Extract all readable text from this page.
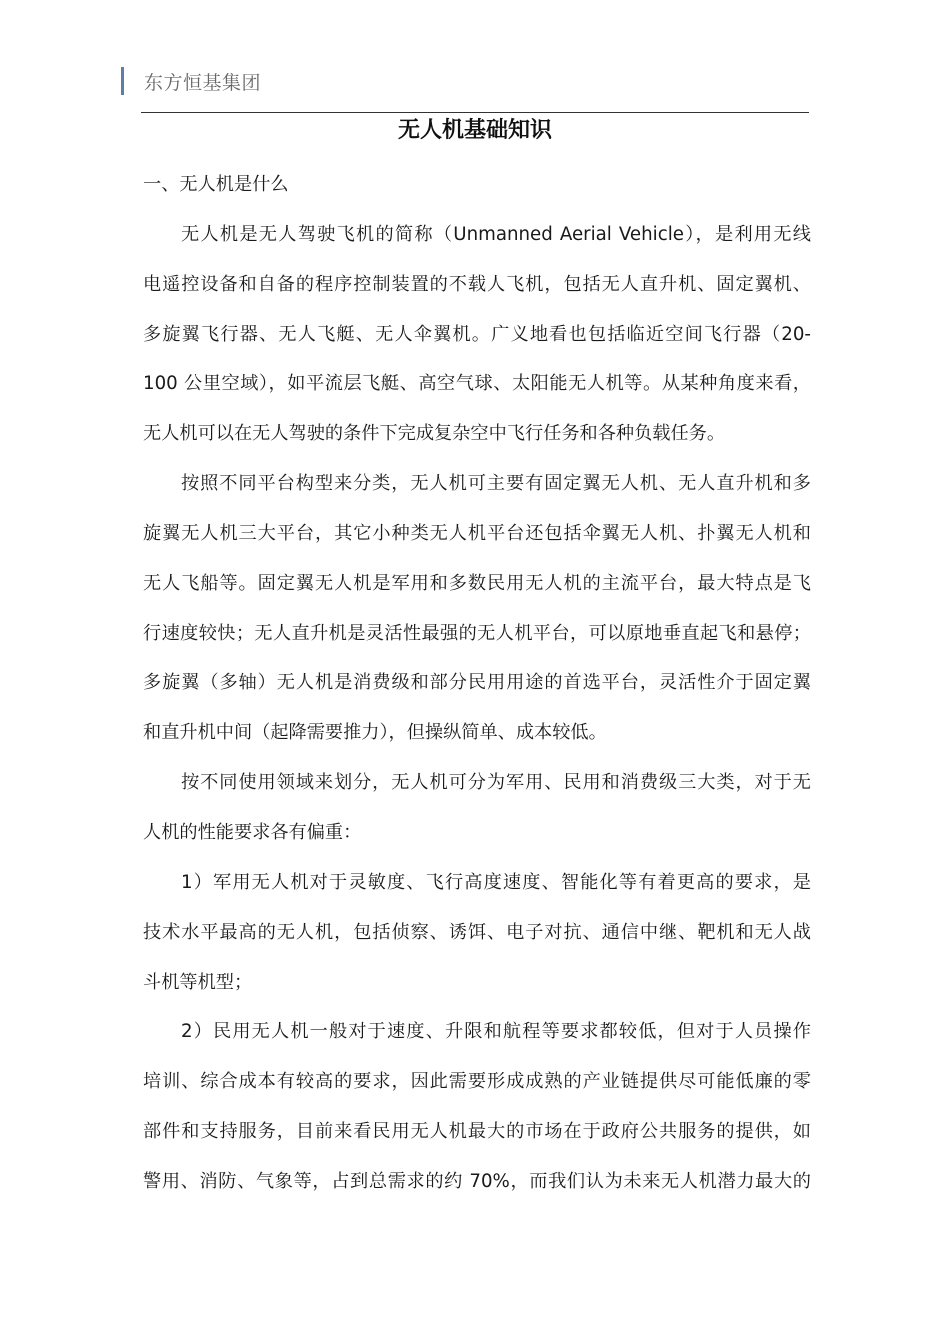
东方恒基集团
无人机基础知识
一、无人机是什么
无人机是无人驾驶飞机的简称（Unmanned Aerial Vehicle），是利用无线
电遥控设备和自备的程序控制装置的不载人飞机，包括无人直升机、固定翼机、
多旋翼飞行器、无人飞艇、无人伞翼机。广义地看也包括临近空间飞行器（20-
100 公里空域），如平流层飞艇、高空气球、太阳能无人机等。从某种角度来看，
无人机可以在无人驾驶的条件下完成复杂空中飞行任务和各种负载任务。
按照不同平台构型来分类，无人机可主要有固定翼无人机、无人直升机和多
旋翼无人机三大平台，其它小种类无人机平台还包括伞翼无人机、扑翼无人机和
无人飞船等。固定翼无人机是军用和多数民用无人机的主流平台，最大特点是飞
行速度较快；无人直升机是灵活性最强的无人机平台，可以原地垂直起飞和悬停；
多旋翼（多轴）无人机是消费级和部分民用用途的首选平台，灵活性介于固定翼
和直升机中间（起降需要推力），但操纵简单、成本较低。
按不同使用领域来划分，无人机可分为军用、民用和消费级三大类，对于无
人机的性能要求各有偏重：
1）军用无人机对于灵敏度、飞行高度速度、智能化等有着更高的要求，是
技术水平最高的无人机，包括侦察、诱饵、电子对抗、通信中继、靶机和无人战
斗机等机型；
2）民用无人机一般对于速度、升限和航程等要求都较低，但对于人员操作
培训、综合成本有较高的要求，因此需要形成成熟的产业链提供尽可能低廉的零
部件和支持服务，目前来看民用无人机最大的市场在于政府公共服务的提供，如
警用、消防、气象等，占到总需求的约 70%，而我们认为未来无人机潜力最大的
